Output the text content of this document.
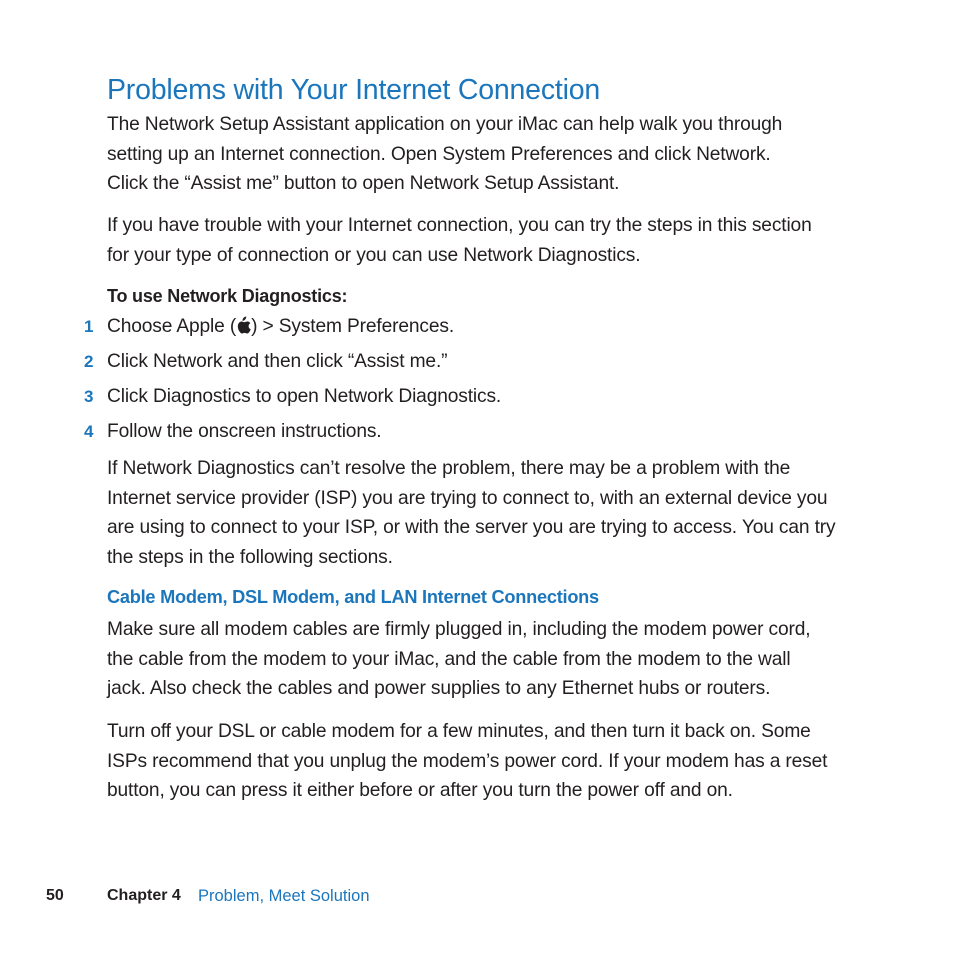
Problems with Your Internet Connection

The Network Setup Assistant application on your iMac can help walk you through
setting up an Internet connection. Open System Preferences and click Network.
Click the “Assist me” button to open Network Setup Assistant.

If you have trouble with your Internet connection, you can try the steps in this section
for your type of connection or you can use Network Diagnostics.

To use Network Diagnostics:

1 Choose Apple ( ) > System Preferences.
2 Click Network and then click “Assist me.”
3 Click Diagnostics to open Network Diagnostics.
4 Follow the onscreen instructions.

If Network Diagnostics can’t resolve the problem, there may be a problem with the
Internet service provider (ISP) you are trying to connect to, with an external device you
are using to connect to your ISP, or with the server you are trying to access. You can try
the steps in the following sections.

Cable Modem, DSL Modem, and LAN Internet Connections

Make sure all modem cables are firmly plugged in, including the modem power cord,
the cable from the modem to your iMac, and the cable from the modem to the wall
jack. Also check the cables and power supplies to any Ethernet hubs or routers.

Turn off your DSL or cable modem for a few minutes, and then turn it back on. Some
ISPs recommend that you unplug the modem’s power cord. If your modem has a reset
button, you can press it either before or after you turn the power off and on.

50	Chapter 4 Problem, Meet Solution
